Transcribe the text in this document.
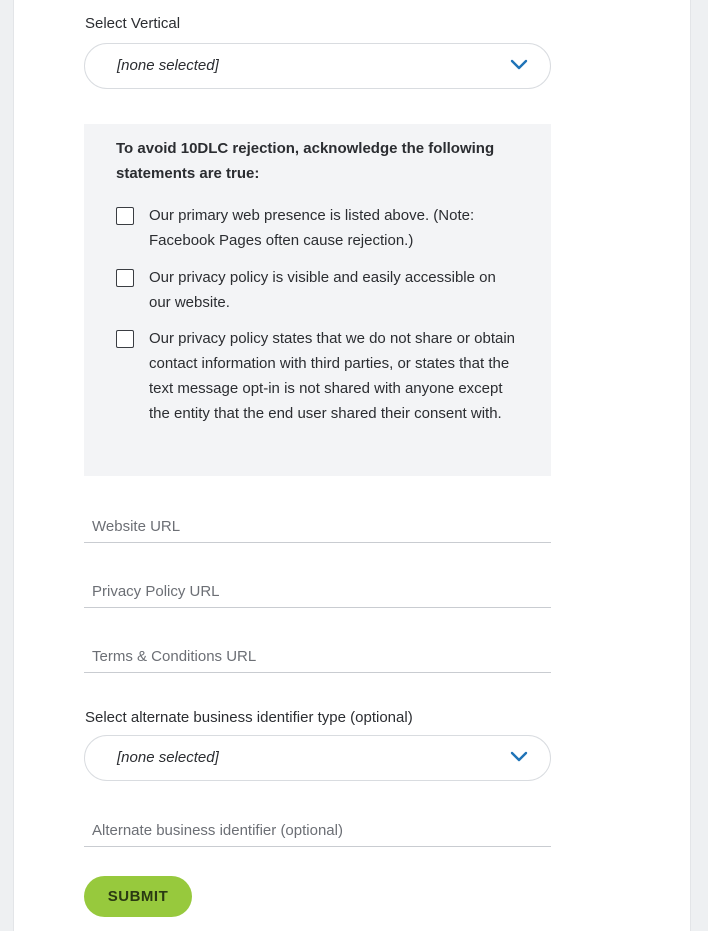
Select Vertical
[none selected]
To avoid 10DLC rejection, acknowledge the following statements are true:
Our primary web presence is listed above. (Note: Facebook Pages often cause rejection.)
Our privacy policy is visible and easily accessible on our website.
Our privacy policy states that we do not share or obtain contact information with third parties, or states that the text message opt-in is not shared with anyone except the entity that the end user shared their consent with.
Website URL
Privacy Policy URL
Terms & Conditions URL
Select alternate business identifier type (optional)
[none selected]
Alternate business identifier (optional)
SUBMIT
